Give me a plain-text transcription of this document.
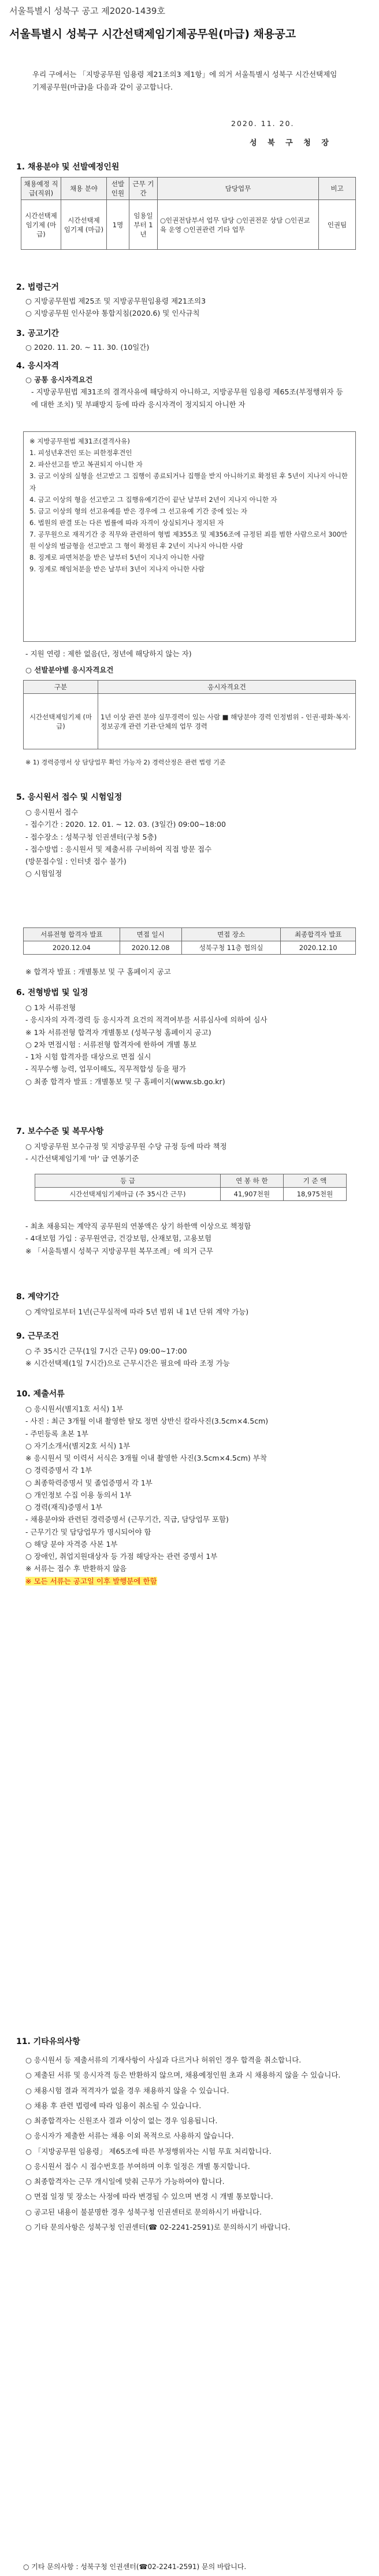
서울특별시 성북구 공고 제2020-1439호
서울특별시 성북구 시간선택제임기제공무원(마급) 채용공고
우리 구에서는 「지방공무원 임용령 제21조의3 제1항」에 의거 서울특별시 성북구 시간선택제임기제공무원(마급)을 다음과 같이 공고합니다.
2020. 11. 20.
성 북 구 청 장
1. 채용분야 및 선발예정인원
채용예정 직급(직위)	채용 분야	선발 인원	근무 기간	담당업무	비고
시간선택제 임기제 (마급)	시간선택제 임기제 (마급)	1명	임용일 부터 1년	○인권전담부서 업무 담당 ○인권전문 상담 ○인권교육 운영 ○인권관련 기타 업무	인권팀
2. 법령근거
○ 지방공무원법 제25조 및 지방공무원임용령 제21조의3
○ 지방공무원 인사분야 통합지침(2020.6) 및 인사규칙
3. 공고기간
○ 2020. 11. 20. ~ 11. 30. (10일간)
4. 응시자격
○ 공통 응시자격요건
- 지방공무원법 제31조의 결격사유에 해당하지 아니하고, 지방공무원 임용령 제65조(부정행위자 등에 대한 조치) 및 부패방지 등에 따라 응시자격이 정지되지 아니한 자
※ 지방공무원법 제31조(결격사유)
1. 피성년후견인 또는 피한정후견인
2. 파산선고를 받고 복권되지 아니한 자
3. 금고 이상의 실형을 선고받고 그 집행이 종료되거나 집행을 받지 아니하기로 확정된 후 5년이 지나지 아니한 자
4. 금고 이상의 형을 선고받고 그 집행유예기간이 끝난 날부터 2년이 지나지 아니한 자
5. 금고 이상의 형의 선고유예를 받은 경우에 그 선고유예 기간 중에 있는 자
6. 법원의 판결 또는 다른 법률에 따라 자격이 상실되거나 정지된 자
7. 공무원으로 재직기간 중 직무와 관련하여 형법 제355조 및 제356조에 규정된 죄를 범한 사람으로서 300만원 이상의 벌금형을 선고받고 그 형이 확정된 후 2년이 지나지 아니한 사람
8. 징계로 파면처분을 받은 날부터 5년이 지나지 아니한 사람
9. 징계로 해임처분을 받은 날부터 3년이 지나지 아니한 사람
- 지원 연령 : 제한 없음(단, 정년에 해당하지 않는 자)
○ 선발분야별 응시자격요건
구분	응시자격요건
시간선택제임기제 (마급)	1년 이상 관련 분야 실무경력이 있는 사람 ■ 해당분야 경력 인정범위 - 인권·평화·복지·정보공개 관련 기관·단체의 업무 경력
※ 1) 경력증명서 상 담당업무 확인 가능자 2) 경력산정은 관련 법령 기준
5. 응시원서 접수 및 시험일정
○ 응시원서 접수
- 접수기간 : 2020. 12. 01. ~ 12. 03. (3일간) 09:00~18:00
- 접수장소 : 성북구청 인권센터(구청 5층)
- 접수방법 : 응시원서 및 제출서류 구비하여 직접 방문 접수
(방문접수일 : 인터넷 접수 불가)
○ 시험일정
서류전형 합격자 발표	면접 일시	면접 장소	최종합격자 발표
2020.12.04	2020.12.08	성북구청 11층 협의실	2020.12.10
※ 합격자 발표 : 개별통보 및 구 홈페이지 공고
6. 전형방법 및 일정
○ 1차 서류전형
- 응시자의 자격·경력 등 응시자격 요건의 적격여부를 서류심사에 의하여 심사
※ 1차 서류전형 합격자 개별통보 (성북구청 홈페이지 공고)
○ 2차 면접시험 : 서류전형 합격자에 한하여 개별 통보
- 1차 시험 합격자를 대상으로 면접 실시
- 직무수행 능력, 업무이해도, 직무적합성 등을 평가
○ 최종 합격자 발표 : 개별통보 및 구 홈페이지(www.sb.go.kr)
7. 보수수준 및 복무사항
○ 지방공무원 보수규정 및 지방공무원 수당 규정 등에 따라 책정
- 시간선택제임기제 '마' 급 연봉기준
등 급	연 봉 하 한	기 준 액
시간선택제임기제마급 (주 35시간 근무)	41,907천원	18,975천원
- 최초 채용되는 계약직 공무원의 연봉액은 상기 하한액 이상으로 책정함
- 4대보험 가입 : 공무원연금, 건강보험, 산재보험, 고용보험
※ 「서울특별시 성북구 지방공무원 복무조례」에 의거 근무
8. 계약기간
○ 계약일로부터 1년(근무실적에 따라 5년 범위 내 1년 단위 계약 가능)
9. 근무조건
○ 주 35시간 근무(1일 7시간 근무) 09:00~17:00
※ 시간선택제(1일 7시간)으로 근무시간은 필요에 따라 조정 가능
10. 제출서류
○ 응시원서(별지1호 서식) 1부
- 사진 : 최근 3개월 이내 촬영한 탈모 정면 상반신 칼라사진(3.5cm×4.5cm)
- 주민등록 초본 1부
○ 자기소개서(별지2호 서식) 1부
※ 응시원서 및 이력서 서식은 3개월 이내 촬영한 사진(3.5cm×4.5cm) 부착
○ 경력증명서 각 1부
○ 최종학력증명서 및 졸업증명서 각 1부
○ 개인정보 수집 이용 동의서 1부
○ 경력(재직)증명서 1부
- 채용분야와 관련된 경력증명서 (근무기간, 직급, 담당업무 포함)
- 근무기간 및 담당업무가 명시되어야 함
○ 해당 분야 자격증 사본 1부
○ 장애인, 취업지원대상자 등 가점 해당자는 관련 증명서 1부
※ 서류는 접수 후 반환하지 않음
※ 모든 서류는 공고일 이후 발행분에 한함
11. 기타유의사항
○ 응시원서 등 제출서류의 기재사항이 사실과 다르거나 허위인 경우 합격을 취소합니다.
○ 제출된 서류 및 응시자격 등은 반환하지 않으며, 채용예정인원 초과 시 채용하지 않을 수 있습니다.
○ 채용시험 결과 적격자가 없을 경우 채용하지 않을 수 있습니다.
○ 채용 후 관련 법령에 따라 임용이 취소될 수 있습니다.
○ 최종합격자는 신원조사 결과 이상이 없는 경우 임용됩니다.
○ 응시자가 제출한 서류는 채용 이외 목적으로 사용하지 않습니다.
○ 「지방공무원 임용령」 제65조에 따른 부정행위자는 시험 무효 처리합니다.
○ 응시원서 접수 시 접수번호를 부여하며 이후 일정은 개별 통지합니다.
○ 최종합격자는 근무 개시일에 맞춰 근무가 가능하여야 합니다.
○ 면접 일정 및 장소는 사정에 따라 변경될 수 있으며 변경 시 개별 통보합니다.
○ 공고된 내용이 불분명한 경우 성북구청 인권센터로 문의하시기 바랍니다.
○ 기타 문의사항은 성북구청 인권센터(☎ 02-2241-2591)로 문의하시기 바랍니다.
○ 기타 문의사항 : 성북구청 인권센터(☎02-2241-2591) 문의 바랍니다.
